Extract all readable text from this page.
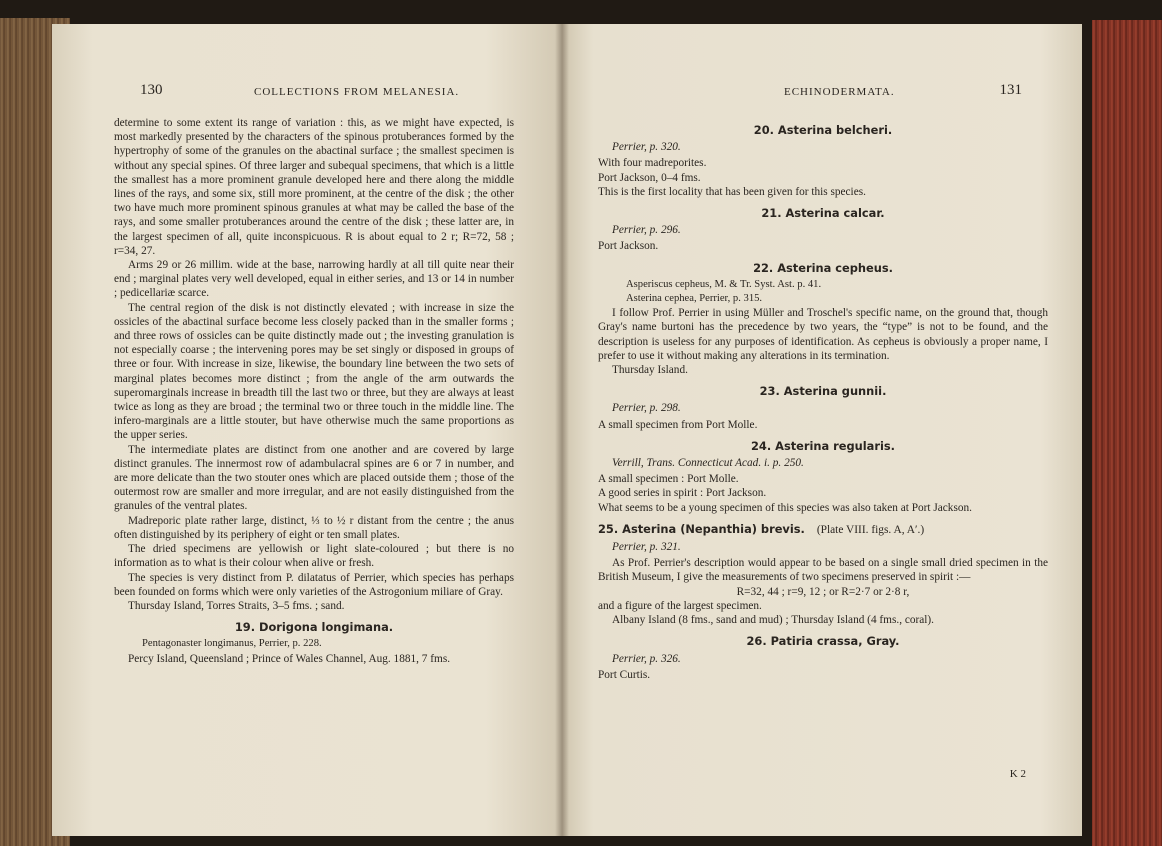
130	COLLECTIONS FROM MELANESIA.

determine to some extent its range of variation : this, as we might have expected, is most markedly presented by the characters of the spinous protuberances formed by the hypertrophy of some of the granules on the abactinal surface ; the smallest specimen is without any special spines. Of three larger and subequal specimens, that which is a little the smallest has a more prominent granule developed here and there along the middle lines of the rays, and some six, still more prominent, at the centre of the disk ; the other two have much more prominent spinous granules at what may be called the base of the rays, and some smaller protuberances around the centre of the disk ; these latter are, in the largest specimen of all, quite inconspicuous. R is about equal to 2 r; R=72, 58 ; r=34, 27.

Arms 29 or 26 millim. wide at the base, narrowing hardly at all till quite near their end ; marginal plates very well developed, equal in either series, and 13 or 14 in number ; pedicellariæ scarce.

The central region of the disk is not distinctly elevated ; with increase in size the ossicles of the abactinal surface become less closely packed than in the smaller forms ; and three rows of ossicles can be quite distinctly made out ; the investing granulation is not especially coarse ; the intervening pores may be set singly or disposed in groups of three or four. With increase in size, likewise, the boundary line between the two sets of marginal plates becomes more distinct ; from the angle of the arm outwards the superomarginals increase in breadth till the last two or three, but they are always at least twice as long as they are broad ; the terminal two or three touch in the middle line. The infero-marginals are a little stouter, but have otherwise much the same proportions as the upper series.

The intermediate plates are distinct from one another and are covered by large distinct granules. The innermost row of adambulacral spines are 6 or 7 in number, and are more delicate than the two stouter ones which are placed outside them ; those of the outermost row are smaller and more irregular, and are not easily distinguished from the granules of the ventral plates.

Madreporic plate rather large, distinct, ⅓ to ½ r distant from the centre ; the anus often distinguished by its periphery of eight or ten small plates.

The dried specimens are yellowish or light slate-coloured ; but there is no information as to what is their colour when alive or fresh.

The species is very distinct from P. dilatatus of Perrier, which species has perhaps been founded on forms which were only varieties of the Astrogonium miliare of Gray.

Thursday Island, Torres Straits, 3–5 fms. ; sand.

19. Dorigona longimana.

Pentagonaster longimanus, Perrier, p. 228.

Percy Island, Queensland ; Prince of Wales Channel, Aug. 1881, 7 fms.

ECHINODERMATA.	131
20. Asterina belcheri.

Perrier, p. 320.

With four madreporites.

Port Jackson, 0–4 fms.

This is the first locality that has been given for this species.

21. Asterina calcar.

Perrier, p. 296.

Port Jackson.

22. Asterina cepheus.

Asperiscus cepheus, M. & Tr. Syst. Ast. p. 41.

Asterina cephea, Perrier, p. 315.

I follow Prof. Perrier in using Müller and Troschel's specific name, on the ground that, though Gray's name burtoni has the precedence by two years, the “type” is not to be found, and the description is useless for any purposes of identification. As cepheus is obviously a proper name, I prefer to use it without making any alterations in its termination.

Thursday Island.

23. Asterina gunnii.

Perrier, p. 298.

A small specimen from Port Molle.

24. Asterina regularis.

Verrill, Trans. Connecticut Acad. i. p. 250.

A small specimen : Port Molle.

A good series in spirit : Port Jackson.

What seems to be a young specimen of this species was also taken at Port Jackson.

25. Asterina (Nepanthia) brevis. (Plate VIII. figs. A, A′.)

Perrier, p. 321.

As Prof. Perrier's description would appear to be based on a single small dried specimen in the British Museum, I give the measurements of two specimens preserved in spirit :—

R=32, 44 ; r=9, 12 ; or R=2·7 or 2·8 r,

and a figure of the largest specimen.

Albany Island (8 fms., sand and mud) ; Thursday Island (4 fms., coral).

26. Patiria crassa, Gray.

Perrier, p. 326.

Port Curtis.

K 2
